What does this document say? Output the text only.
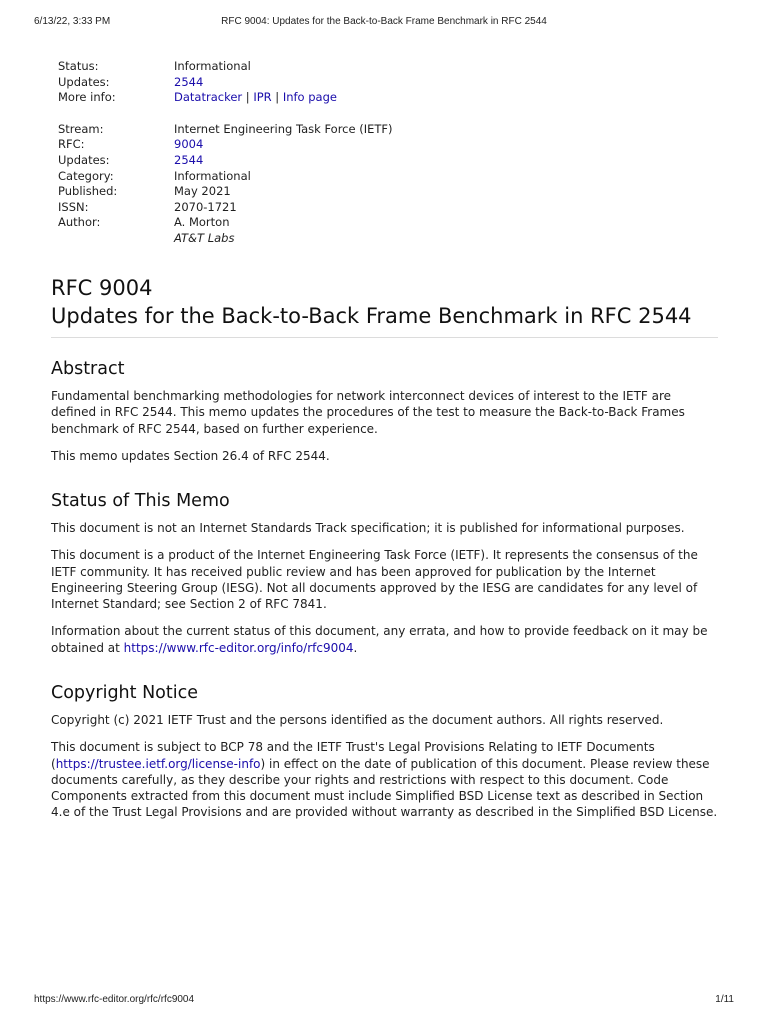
6/13/22, 3:33 PM	RFC 9004: Updates for the Back-to-Back Frame Benchmark in RFC 2544
Status:	Informational
Updates:	2544
More info:	Datatracker | IPR | Info page
Stream:	Internet Engineering Task Force (IETF)
RFC:	9004
Updates:	2544
Category:	Informational
Published:	May 2021
ISSN:	2070-1721
Author:	A. Morton
AT&T Labs
RFC 9004
Updates for the Back-to-Back Frame Benchmark in RFC 2544
Abstract

Fundamental benchmarking methodologies for network interconnect devices of interest to the IETF are defined in RFC 2544. This memo updates the procedures of the test to measure the Back-to-Back Frames benchmark of RFC 2544, based on further experience.

This memo updates Section 26.4 of RFC 2544.

Status of This Memo

This document is not an Internet Standards Track specification; it is published for informational purposes.

This document is a product of the Internet Engineering Task Force (IETF). It represents the consensus of the IETF community. It has received public review and has been approved for publication by the Internet Engineering Steering Group (IESG). Not all documents approved by the IESG are candidates for any level of Internet Standard; see Section 2 of RFC 7841.

Information about the current status of this document, any errata, and how to provide feedback on it may be obtained at https://www.rfc-editor.org/info/rfc9004.

Copyright Notice

Copyright (c) 2021 IETF Trust and the persons identified as the document authors. All rights reserved.

This document is subject to BCP 78 and the IETF Trust's Legal Provisions Relating to IETF Documents (https://trustee.ietf.org/license-info) in effect on the date of publication of this document. Please review these documents carefully, as they describe your rights and restrictions with respect to this document. Code Components extracted from this document must include Simplified BSD License text as described in Section 4.e of the Trust Legal Provisions and are provided without warranty as described in the Simplified BSD License.

https://www.rfc-editor.org/rfc/rfc9004	1/11
